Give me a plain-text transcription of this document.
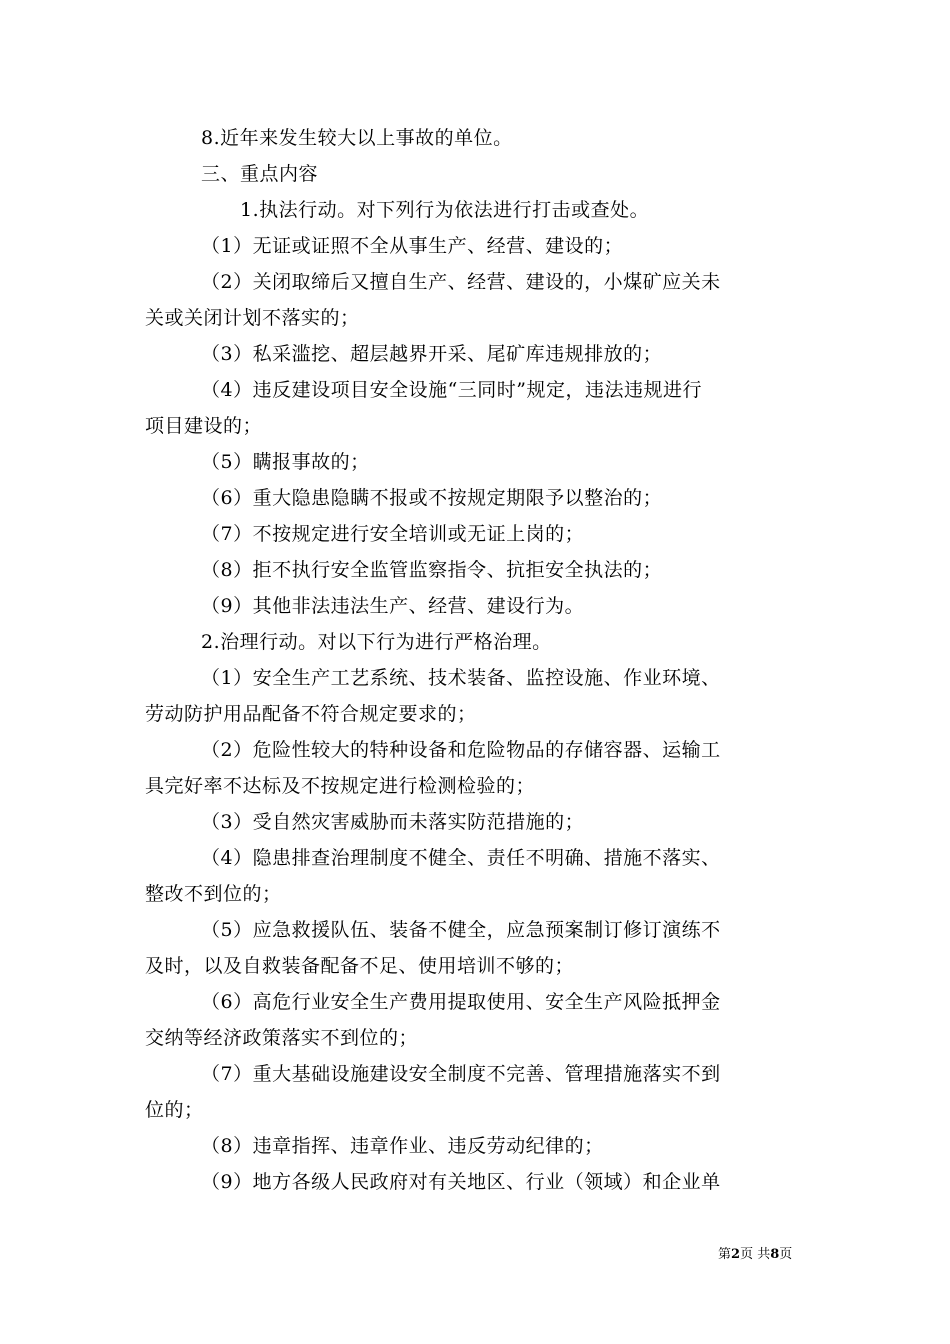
8.近年来发生较大以上事故的单位。
三、重点内容
1.执法行动。对下列行为依法进行打击或查处。
（1）无证或证照不全从事生产、经营、建设的；
（2）关闭取缔后又擅自生产、经营、建设的，小煤矿应关未
关或关闭计划不落实的；
（3）私采滥挖、超层越界开采、尾矿库违规排放的；
（4）违反建设项目安全设施“三同时”规定，违法违规进行
项目建设的；
（5）瞒报事故的；
（6）重大隐患隐瞒不报或不按规定期限予以整治的；
（7）不按规定进行安全培训或无证上岗的；
（8）拒不执行安全监管监察指令、抗拒安全执法的；
（9）其他非法违法生产、经营、建设行为。
2.治理行动。对以下行为进行严格治理。
（1）安全生产工艺系统、技术装备、监控设施、作业环境、
劳动防护用品配备不符合规定要求的；
（2）危险性较大的特种设备和危险物品的存储容器、运输工
具完好率不达标及不按规定进行检测检验的；
（3）受自然灾害威胁而未落实防范措施的；
（4）隐患排查治理制度不健全、责任不明确、措施不落实、
整改不到位的；
（5）应急救援队伍、装备不健全，应急预案制订修订演练不
及时，以及自救装备配备不足、使用培训不够的；
（6）高危行业安全生产费用提取使用、安全生产风险抵押金
交纳等经济政策落实不到位的；
（7）重大基础设施建设安全制度不完善、管理措施落实不到
位的；
（8）违章指挥、违章作业、违反劳动纪律的；
（9）地方各级人民政府对有关地区、行业（领域）和企业单
第2页 共8页
